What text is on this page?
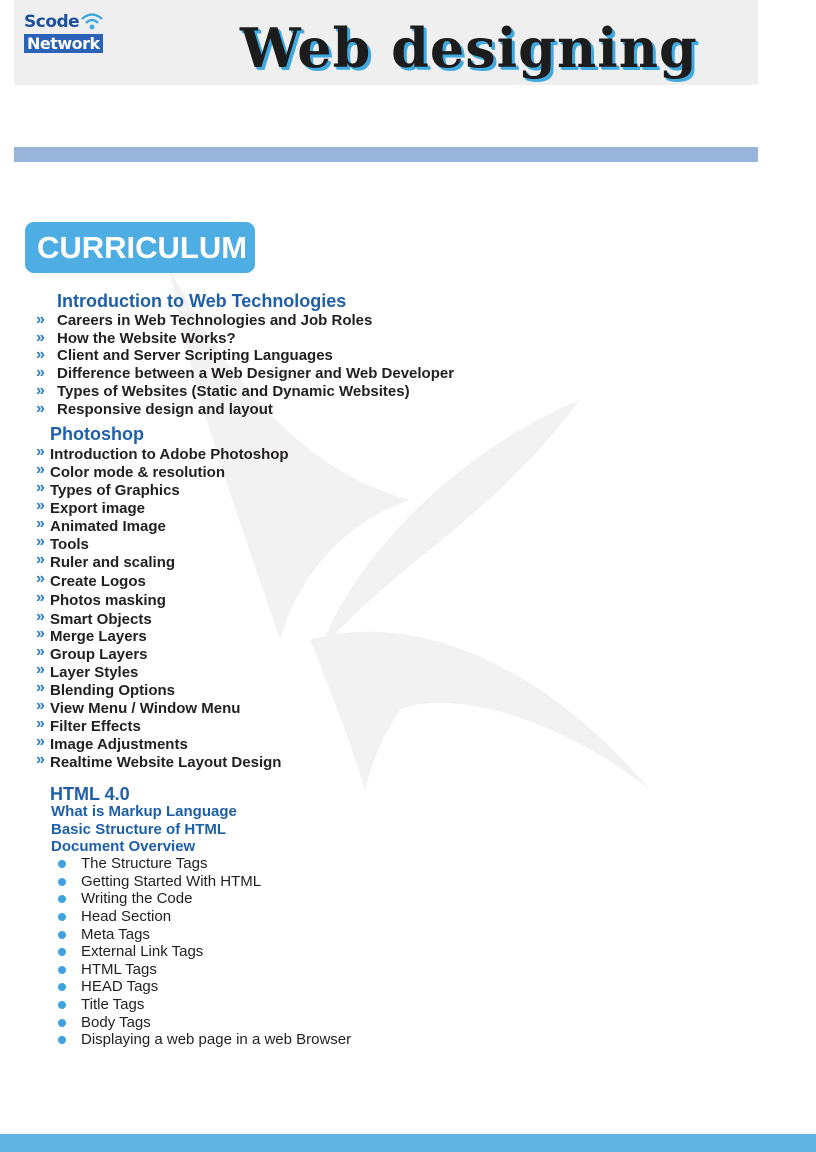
Scode
Network	Web designing
CURRICULUM
Introduction to Web Technologies
Photoshop
HTML 4.0
» Careers in Web Technologies and Job Roles
» How the Website Works?
» Client and Server Scripting Languages
» Difference between a Web Designer and Web Developer
» Types of Websites (Static and Dynamic Websites)
» Responsive design and layout
» Introduction to Adobe Photoshop
» Color mode & resolution
» Types of Graphics
» Export image
» Animated Image
» Tools
» Ruler and scaling
» Create Logos
» Photos masking
» Smart Objects
» Merge Layers
» Group Layers
» Layer Styles
» Blending Options
» View Menu / Window Menu
» Filter Effects
» Image Adjustments
» Realtime Website Layout Design
What is Markup Language
Basic Structure of HTML
Document Overview
The Structure Tags
Getting Started With HTML
Writing the Code
Head Section
Meta Tags
External Link Tags
HTML Tags
HEAD Tags
Title Tags
Body Tags
Displaying a web page in a web Browser
